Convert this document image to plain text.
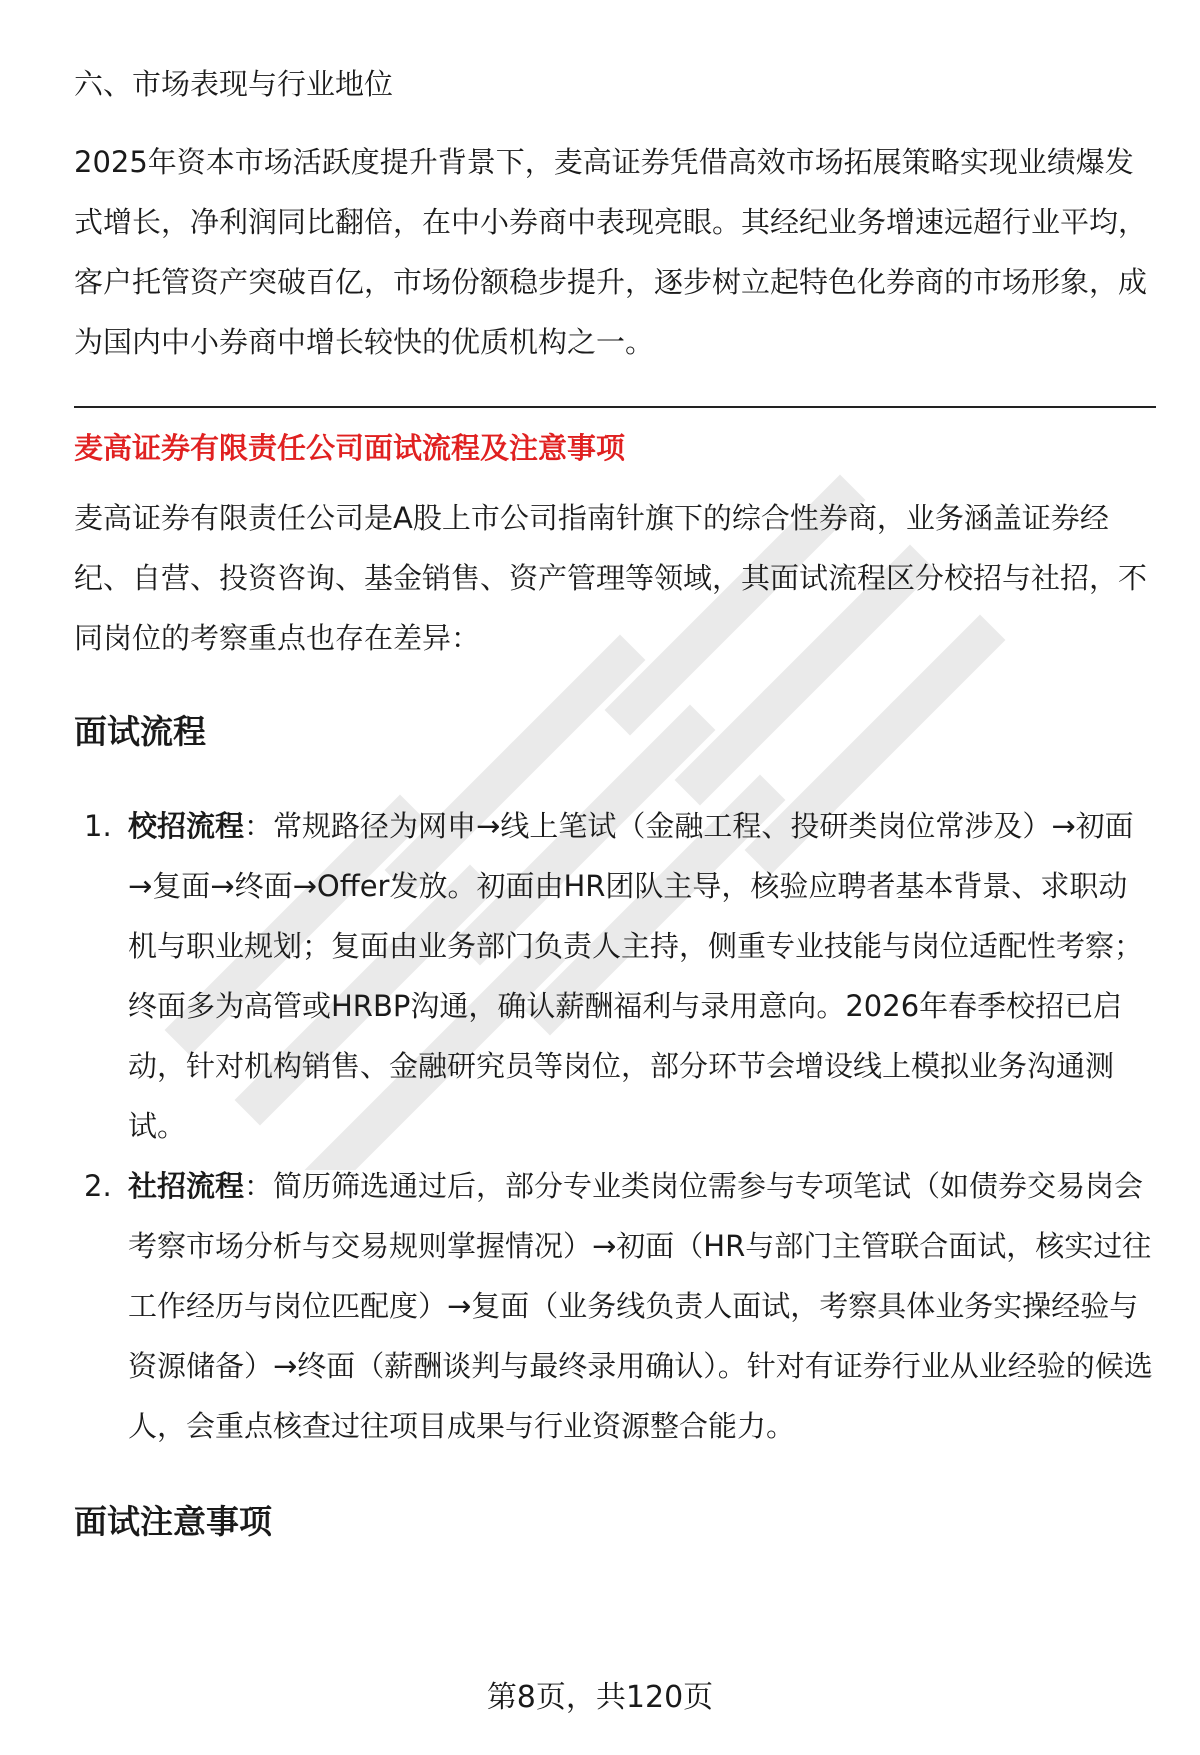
六、市场表现与行业地位

2025年资本市场活跃度提升背景下，麦高证券凭借高效市场拓展策略实现业绩爆发式增长，净利润同比翻倍，在中小券商中表现亮眼。其经纪业务增速远超行业平均，客户托管资产突破百亿，市场份额稳步提升，逐步树立起特色化券商的市场形象，成为国内中小券商中增长较快的优质机构之一。

麦高证券有限责任公司面试流程及注意事项

麦高证券有限责任公司是A股上市公司指南针旗下的综合性券商，业务涵盖证券经纪、自营、投资咨询、基金销售、资产管理等领域，其面试流程区分校招与社招，不同岗位的考察重点也存在差异：

面试流程
1. 校招流程：常规路径为网申→线上笔试（金融工程、投研类岗位常涉及）→初面→复面→终面→Offer发放。初面由HR团队主导，核验应聘者基本背景、求职动机与职业规划；复面由业务部门负责人主持，侧重专业技能与岗位适配性考察；终面多为高管或HRBP沟通，确认薪酬福利与录用意向。2026年春季校招已启动，针对机构销售、金融研究员等岗位，部分环节会增设线上模拟业务沟通测试。
2. 社招流程：简历筛选通过后，部分专业类岗位需参与专项笔试（如债券交易岗会考察市场分析与交易规则掌握情况）→初面（HR与部门主管联合面试，核实过往工作经历与岗位匹配度）→复面（业务线负责人面试，考察具体业务实操经验与资源储备）→终面（薪酬谈判与最终录用确认）。针对有证券行业从业经验的候选人，会重点核查过往项目成果与行业资源整合能力。
面试注意事项
第8页，共120页
